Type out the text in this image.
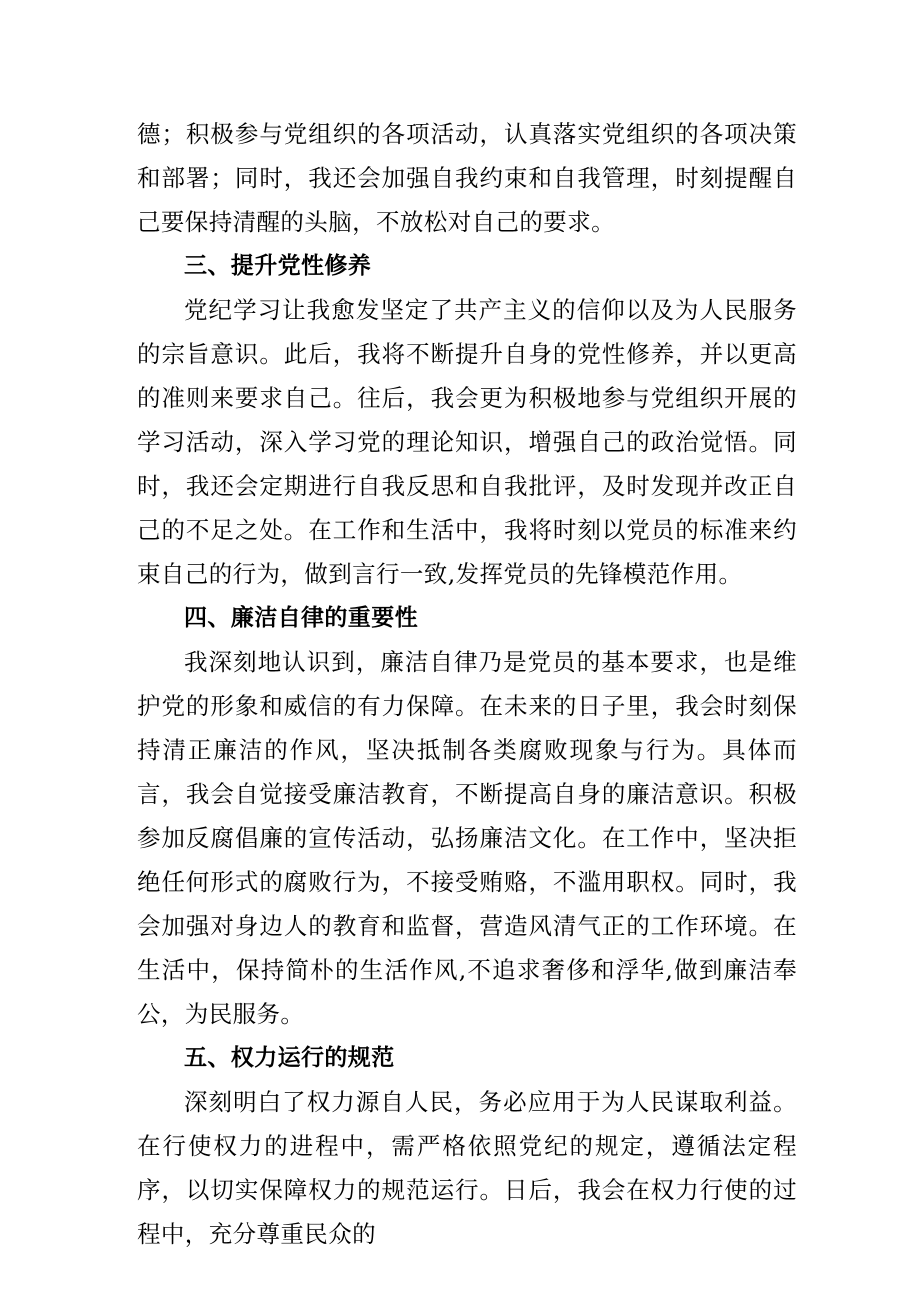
德；积极参与党组织的各项活动，认真落实党组织的各项决策和部署；同时，我还会加强自我约束和自我管理，时刻提醒自己要保持清醒的头脑，不放松对自己的要求。

三、提升党性修养

党纪学习让我愈发坚定了共产主义的信仰以及为人民服务的宗旨意识。此后，我将不断提升自身的党性修养，并以更高的准则来要求自己。往后，我会更为积极地参与党组织开展的学习活动，深入学习党的理论知识，增强自己的政治觉悟。同时，我还会定期进行自我反思和自我批评，及时发现并改正自己的不足之处。在工作和生活中，我将时刻以党员的标准来约束自己的行为，做到言行一致,发挥党员的先锋模范作用。

四、廉洁自律的重要性

我深刻地认识到，廉洁自律乃是党员的基本要求，也是维护党的形象和威信的有力保障。在未来的日子里，我会时刻保持清正廉洁的作风，坚决抵制各类腐败现象与行为。具体而言，我会自觉接受廉洁教育，不断提高自身的廉洁意识。积极参加反腐倡廉的宣传活动，弘扬廉洁文化。在工作中，坚决拒绝任何形式的腐败行为，不接受贿赂，不滥用职权。同时，我会加强对身边人的教育和监督，营造风清气正的工作环境。在生活中，保持简朴的生活作风,不追求奢侈和浮华,做到廉洁奉公，为民服务。

五、权力运行的规范

深刻明白了权力源自人民，务必应用于为人民谋取利益。在行使权力的进程中，需严格依照党纪的规定，遵循法定程序，以切实保障权力的规范运行。日后，我会在权力行使的过程中，充分尊重民众的
